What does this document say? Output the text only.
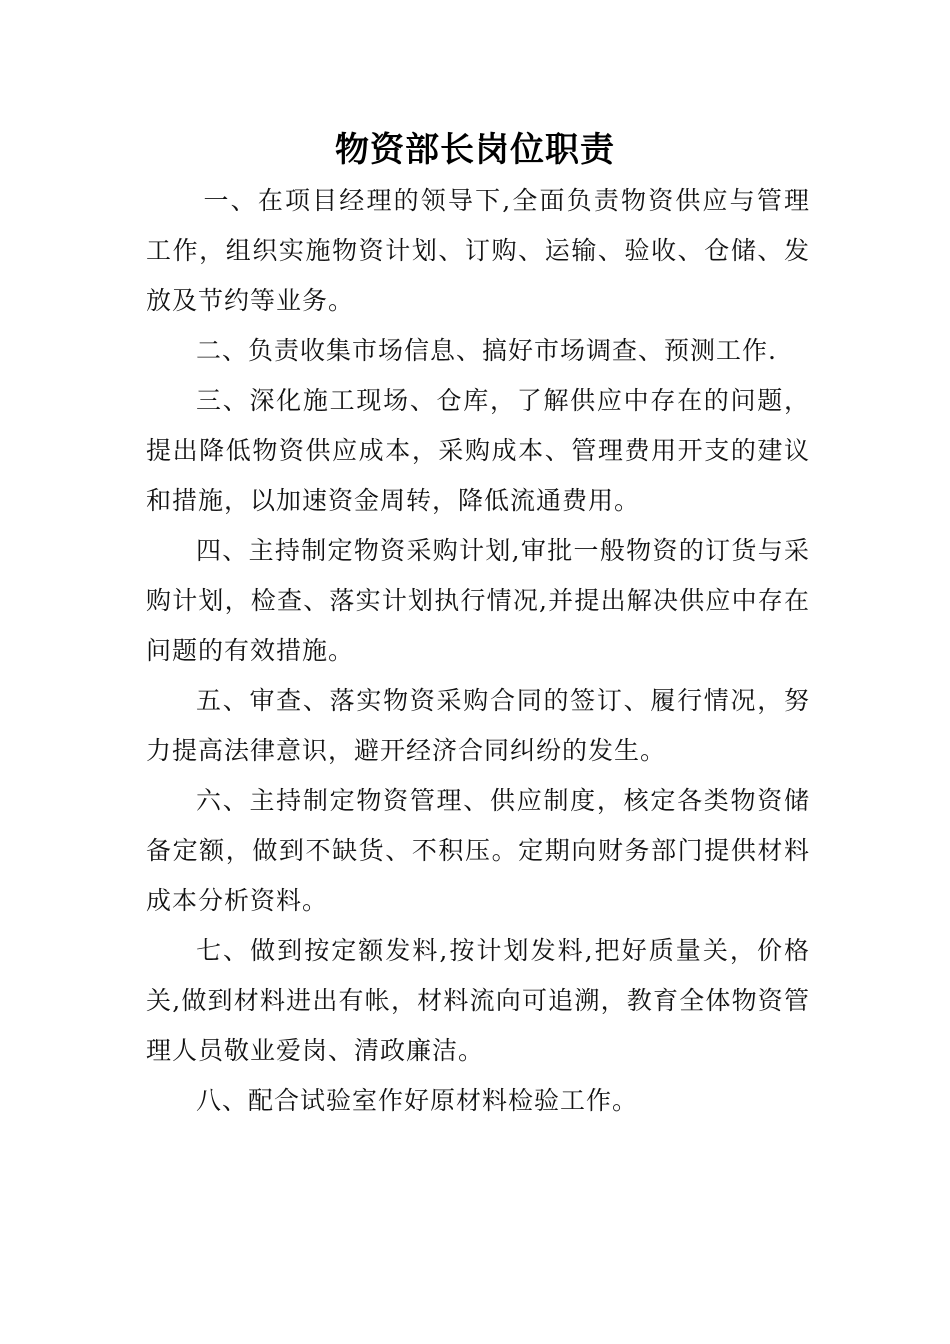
物资部长岗位职责

一、在项目经理的领导下,全面负责物资供应与管理工作，组织实施物资计划、订购、运输、验收、仓储、发放及节约等业务。

二、负责收集市场信息、搞好市场调查、预测工作.

三、深化施工现场、仓库，了解供应中存在的问题，提出降低物资供应成本，采购成本、管理费用开支的建议和措施，以加速资金周转，降低流通费用。

四、主持制定物资采购计划,审批一般物资的订货与采购计划，检查、落实计划执行情况,并提出解决供应中存在问题的有效措施。

五、审查、落实物资采购合同的签订、履行情况，努力提高法律意识，避开经济合同纠纷的发生。

六、主持制定物资管理、供应制度，核定各类物资储备定额，做到不缺货、不积压。定期向财务部门提供材料成本分析资料。

七、做到按定额发料,按计划发料,把好质量关，价格关,做到材料进出有帐，材料流向可追溯，教育全体物资管理人员敬业爱岗、清政廉洁。

八、配合试验室作好原材料检验工作。
